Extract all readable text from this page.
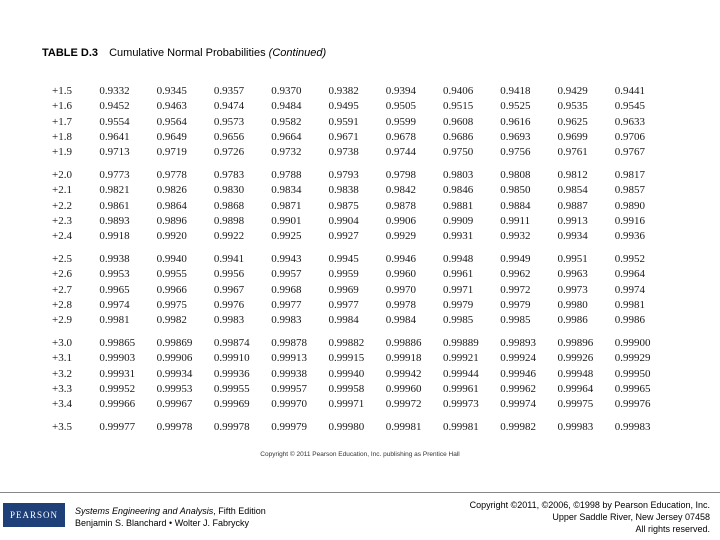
TABLE D.3 Cumulative Normal Probabilities (Continued)
+1.5	0.9332	0.9345	0.9357	0.9370	0.9382	0.9394	0.9406	0.9418	0.9429	0.9441
+1.6	0.9452	0.9463	0.9474	0.9484	0.9495	0.9505	0.9515	0.9525	0.9535	0.9545
+1.7	0.9554	0.9564	0.9573	0.9582	0.9591	0.9599	0.9608	0.9616	0.9625	0.9633
+1.8	0.9641	0.9649	0.9656	0.9664	0.9671	0.9678	0.9686	0.9693	0.9699	0.9706
+1.9	0.9713	0.9719	0.9726	0.9732	0.9738	0.9744	0.9750	0.9756	0.9761	0.9767
+2.0	0.9773	0.9778	0.9783	0.9788	0.9793	0.9798	0.9803	0.9808	0.9812	0.9817
+2.1	0.9821	0.9826	0.9830	0.9834	0.9838	0.9842	0.9846	0.9850	0.9854	0.9857
+2.2	0.9861	0.9864	0.9868	0.9871	0.9875	0.9878	0.9881	0.9884	0.9887	0.9890
+2.3	0.9893	0.9896	0.9898	0.9901	0.9904	0.9906	0.9909	0.9911	0.9913	0.9916
+2.4	0.9918	0.9920	0.9922	0.9925	0.9927	0.9929	0.9931	0.9932	0.9934	0.9936
+2.5	0.9938	0.9940	0.9941	0.9943	0.9945	0.9946	0.9948	0.9949	0.9951	0.9952
+2.6	0.9953	0.9955	0.9956	0.9957	0.9959	0.9960	0.9961	0.9962	0.9963	0.9964
+2.7	0.9965	0.9966	0.9967	0.9968	0.9969	0.9970	0.9971	0.9972	0.9973	0.9974
+2.8	0.9974	0.9975	0.9976	0.9977	0.9977	0.9978	0.9979	0.9979	0.9980	0.9981
+2.9	0.9981	0.9982	0.9983	0.9983	0.9984	0.9984	0.9985	0.9985	0.9986	0.9986
+3.0	0.99865	0.99869	0.99874	0.99878	0.99882	0.99886	0.99889	0.99893	0.99896	0.99900
+3.1	0.99903	0.99906	0.99910	0.99913	0.99915	0.99918	0.99921	0.99924	0.99926	0.99929
+3.2	0.99931	0.99934	0.99936	0.99938	0.99940	0.99942	0.99944	0.99946	0.99948	0.99950
+3.3	0.99952	0.99953	0.99955	0.99957	0.99958	0.99960	0.99961	0.99962	0.99964	0.99965
+3.4	0.99966	0.99967	0.99969	0.99970	0.99971	0.99972	0.99973	0.99974	0.99975	0.99976
+3.5	0.99977	0.99978	0.99978	0.99979	0.99980	0.99981	0.99981	0.99982	0.99983	0.99983
Copyright © 2011 Pearson Education, Inc. publishing as Prentice Hall
PEARSON	Systems Engineering and Analysis, Fifth Edition
Benjamin S. Blanchard • Wolter J. Fabrycky
Copyright ©2011, ©2006, ©1998 by Pearson Education, Inc.
Upper Saddle River, New Jersey 07458
All rights reserved.
